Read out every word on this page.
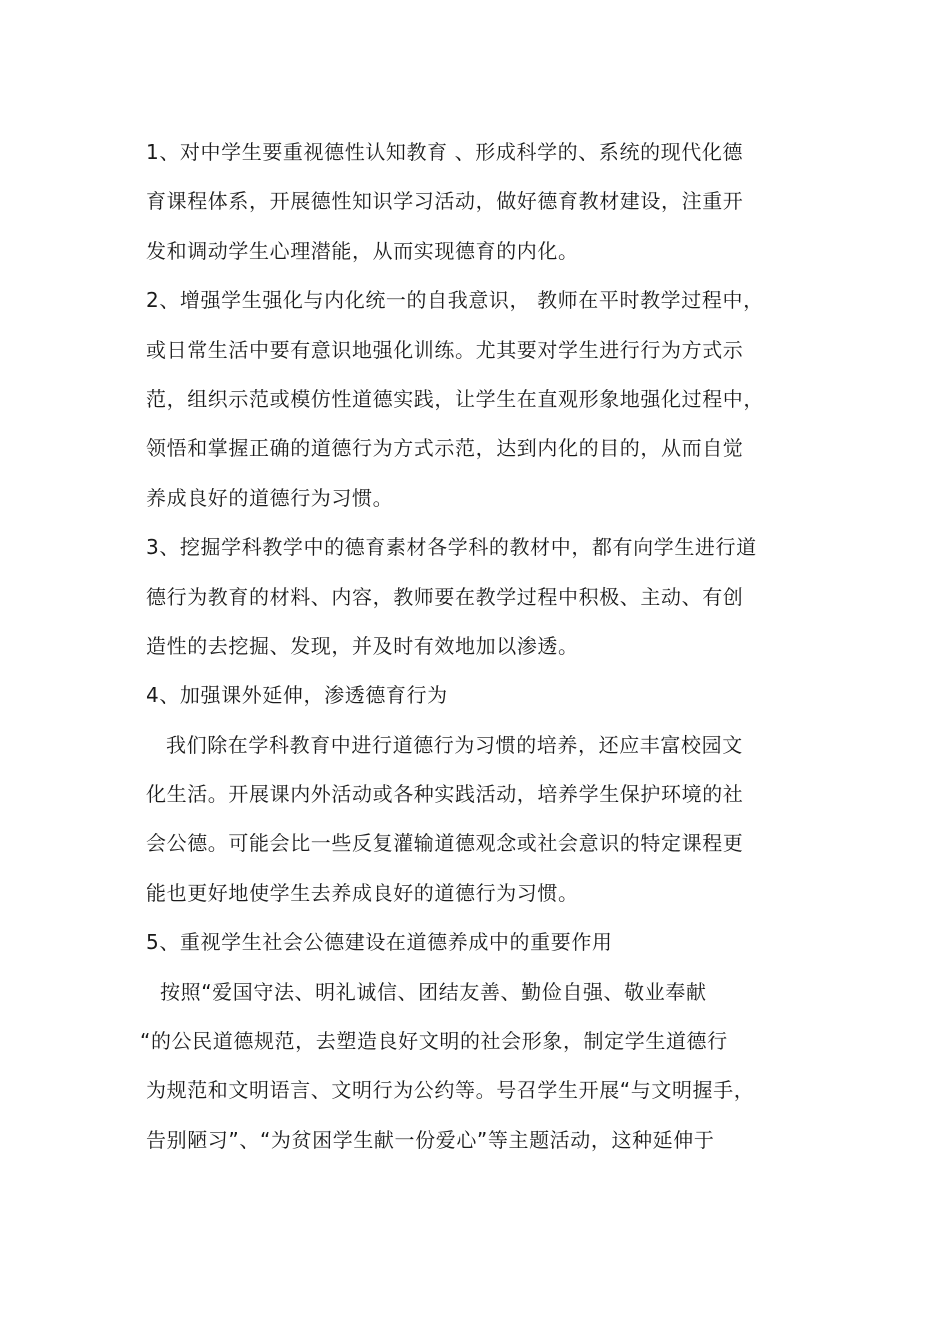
1、对中学生要重视德性认知教育 、形成科学的、系统的现代化德
育课程体系，开展德性知识学习活动，做好德育教材建设，注重开
发和调动学生心理潜能，从而实现德育的内化。
2、增强学生强化与内化统一的自我意识， 教师在平时教学过程中，
或日常生活中要有意识地强化训练。尤其要对学生进行行为方式示
范，组织示范或模仿性道德实践，让学生在直观形象地强化过程中，
领悟和掌握正确的道德行为方式示范，达到内化的目的，从而自觉
养成良好的道德行为习惯。
3、挖掘学科教学中的德育素材各学科的教材中，都有向学生进行道
德行为教育的材料、内容，教师要在教学过程中积极、主动、有创
造性的去挖掘、发现，并及时有效地加以渗透。
4、加强课外延伸，渗透德育行为
我们除在学科教育中进行道德行为习惯的培养，还应丰富校园文
化生活。开展课内外活动或各种实践活动，培养学生保护环境的社
会公德。可能会比一些反复灌输道德观念或社会意识的特定课程更
能也更好地使学生去养成良好的道德行为习惯。
5、重视学生社会公德建设在道德养成中的重要作用
按照“爱国守法、明礼诚信、团结友善、勤俭自强、敬业奉献
“的公民道德规范，去塑造良好文明的社会形象，制定学生道德行
为规范和文明语言、文明行为公约等。号召学生开展“与文明握手，
告别陋习”、“为贫困学生献一份爱心”等主题活动，这种延伸于
